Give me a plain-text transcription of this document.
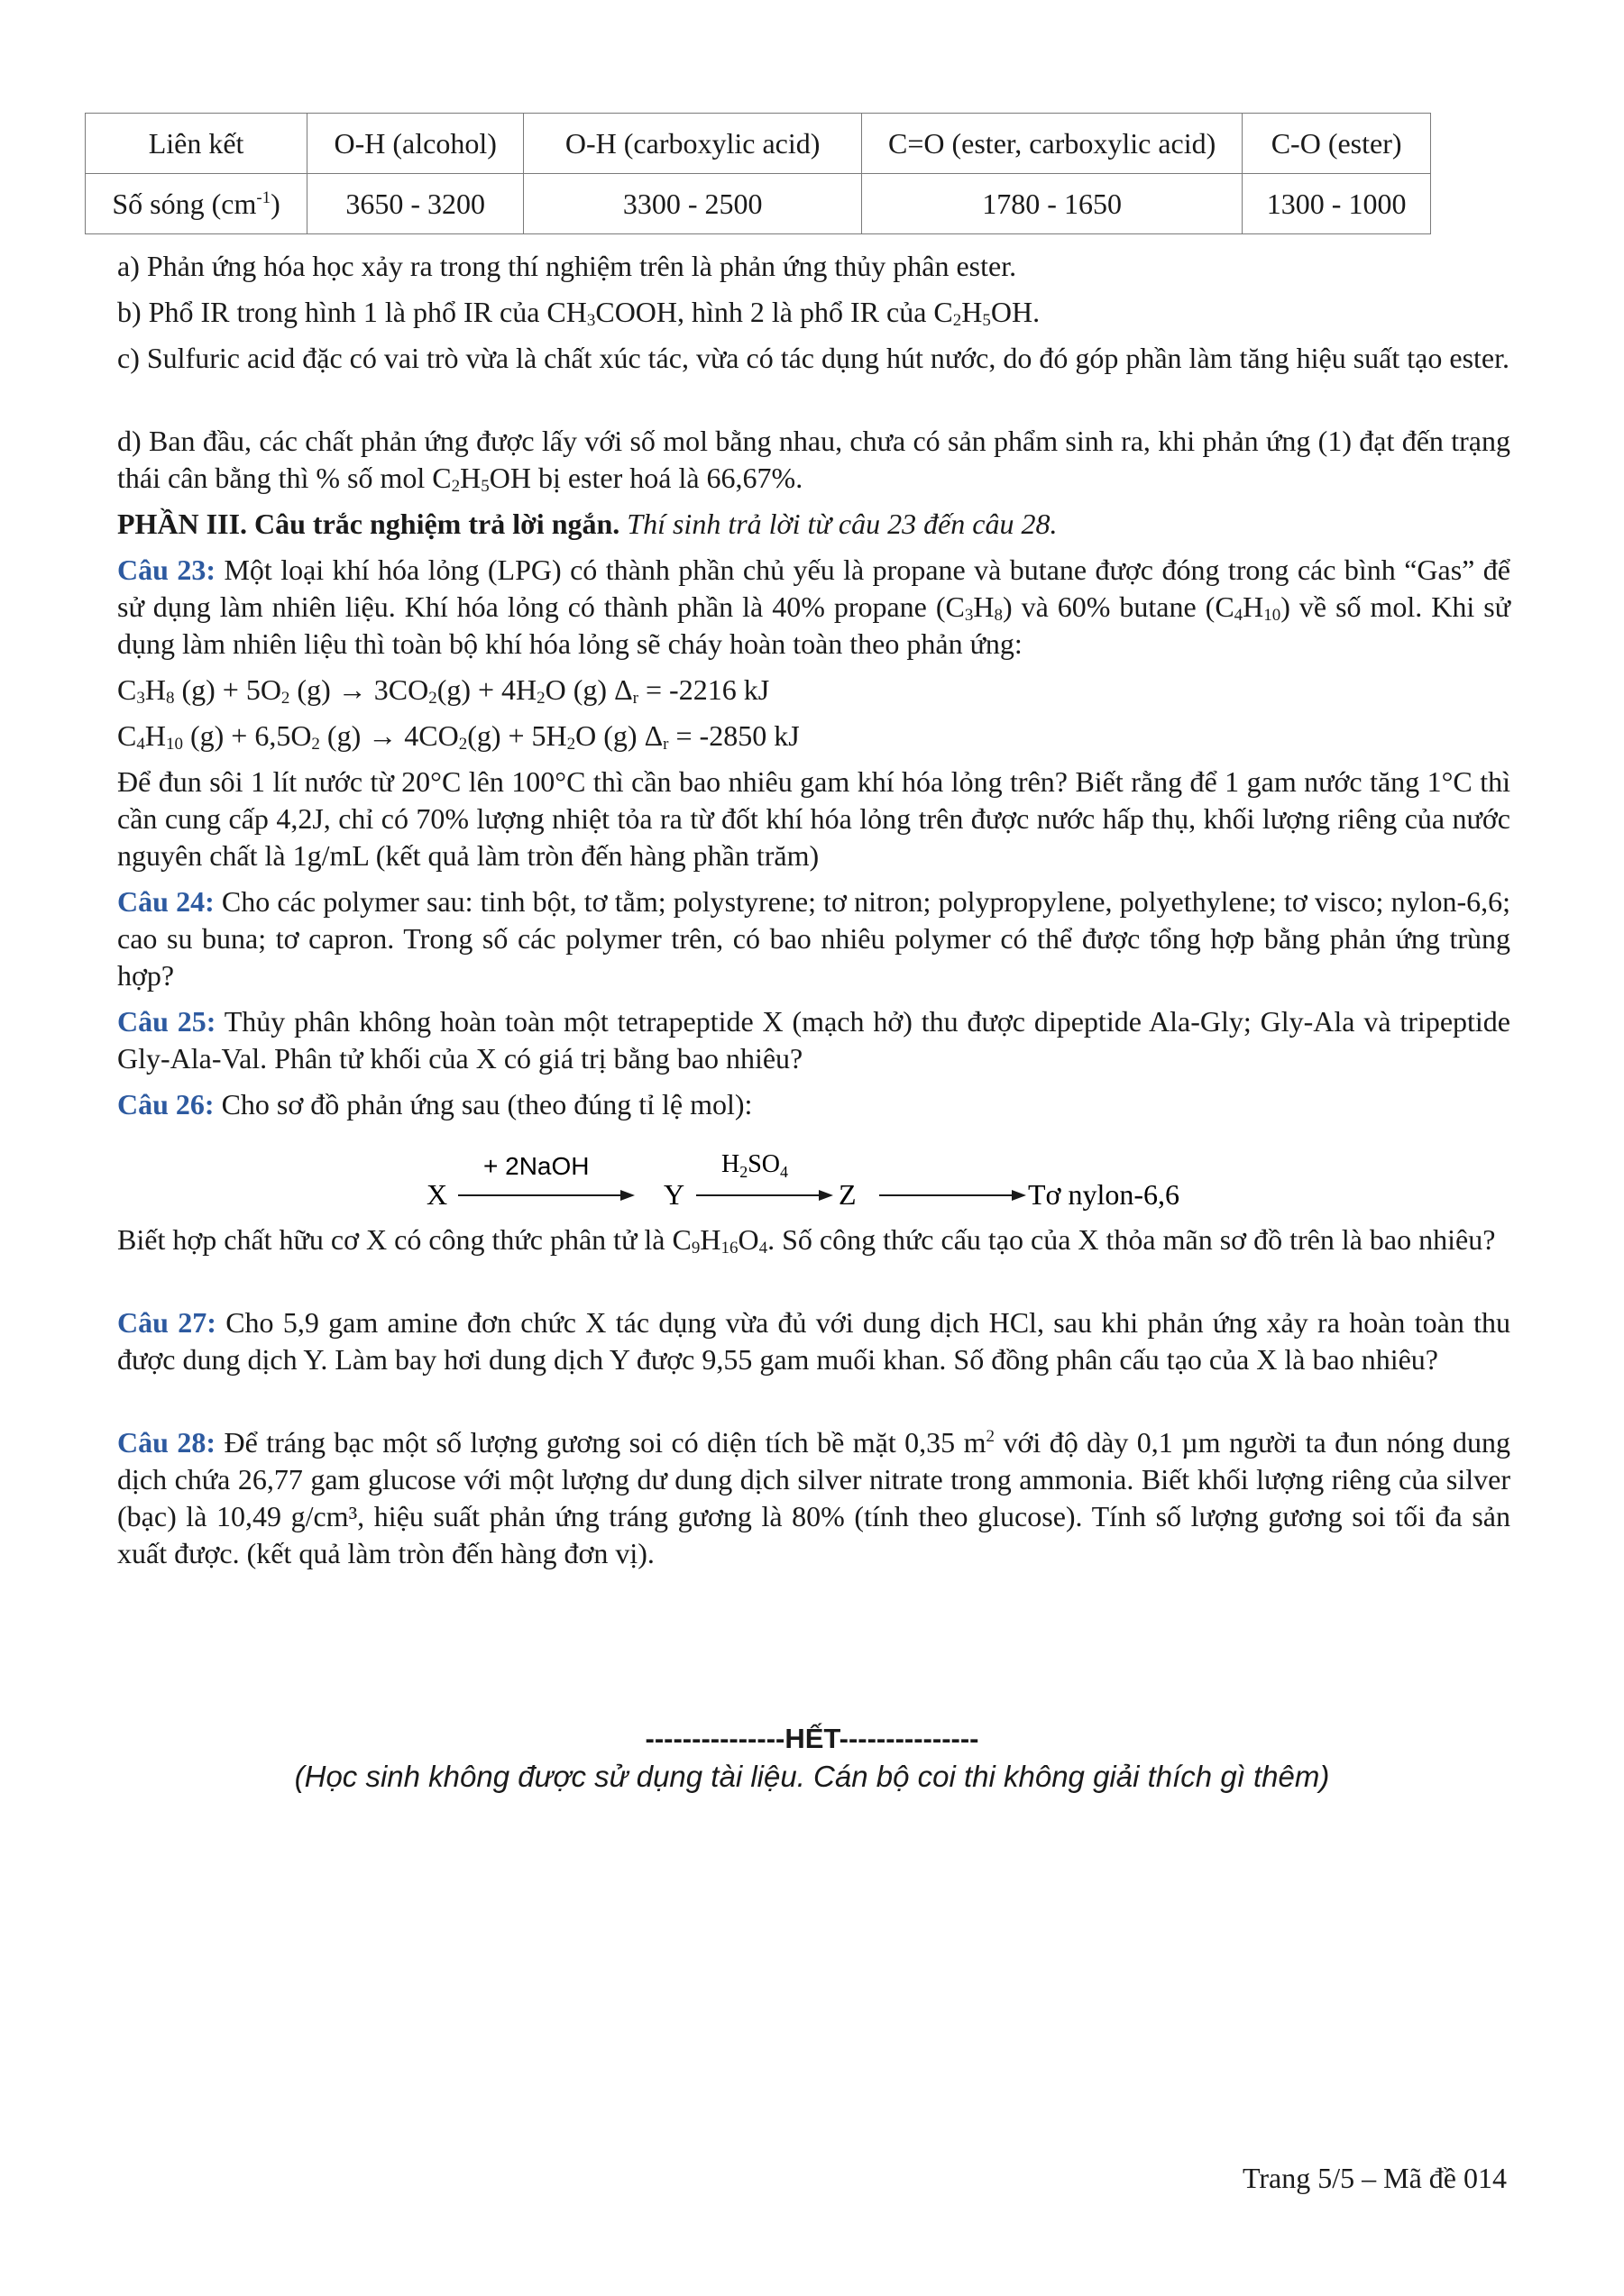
Liên kết	O-H (alcohol)	O-H (carboxylic acid)	C=O (ester, carboxylic acid)	C-O (ester)
Số sóng $(cm^{-1})$	3650 - 3200	3300 - 2500	1780 - 1650	1300 - 1000

a) Phản ứng hóa học xảy ra trong thí nghiệm trên là phản ứng thủy phân ester.

b) Phổ IR trong hình 1 là phổ IR của $CH_3COOH$, hình 2 là phổ IR của $C_2H_5OH$.

c) Sulfuric acid đặc có vai trò vừa là chất xúc tác, vừa có tác dụng hút nước, do đó góp phần làm tăng hiệu suất tạo ester.

d) Ban đầu, các chất phản ứng được lấy với số mol bằng nhau, chưa có sản phẩm sinh ra, khi phản ứng (1) đạt đến trạng thái cân bằng thì % số mol $C_2H_5OH$ bị ester hoá là 66,67%.

PHẦN III. Câu trắc nghiệm trả lời ngắn. Thí sinh trả lời từ câu 23 đến câu 28.

Câu 23: Một loại khí hóa lỏng (LPG) có thành phần chủ yếu là propane và butane được đóng trong các bình “Gas” để sử dụng làm nhiên liệu. Khí hóa lỏng có thành phần là 40% propane $(C_3H_8)$ và 60% butane $(C_4H_{10})$ về số mol. Khi sử dụng làm nhiên liệu thì toàn bộ khí hóa lỏng sẽ cháy hoàn toàn theo phản ứng:

$C_3H_8$ $(g) + 5O_2$ $(g) \to 3CO_2(g) + 4H_2O$ (g) $\Delta_r = -2216$ kJ

$C_4H_{10}$ $(g) + 6,5O_2$ $(g) \to 4CO_2(g) + 5H_2O$ (g) $\Delta_r = -2850$ kJ

Để đun sôi 1 lít nước từ 20°C lên 100°C thì cần bao nhiêu gam khí hóa lỏng trên? Biết rằng để 1 gam nước tăng 1°C thì cần cung cấp 4,2J, chỉ có 70% lượng nhiệt tỏa ra từ đốt khí hóa lỏng trên được nước hấp thụ, khối lượng riêng của nước nguyên chất là 1g/mL (kết quả làm tròn đến hàng phần trăm)

Câu 24: Cho các polymer sau: tinh bột, tơ tằm; polystyrene; tơ nitron; polypropylene, polyethylene; tơ visco; nylon-6,6; cao su buna; tơ capron. Trong số các polymer trên, có bao nhiêu polymer có thể được tổng hợp bằng phản ứng trùng hợp?

Câu 25: Thủy phân không hoàn toàn một tetrapeptide X (mạch hở) thu được dipeptide Ala-Gly; Gly-Ala và tripeptide Gly-Ala-Val. Phân tử khối của X có giá trị bằng bao nhiêu?

Câu 26: Cho sơ đồ phản ứng sau (theo đúng tỉ lệ mol):

X
+ 2NaOH
Y
$H_2SO_4$
Z	Tơ nylon-6,6

Biết hợp chất hữu cơ X có công thức phân tử là $C_9H_{16}O_4$. Số công thức cấu tạo của X thỏa mãn sơ đồ trên là bao nhiêu?

Câu 27: Cho 5,9 gam amine đơn chức X tác dụng vừa đủ với dung dịch HCl, sau khi phản ứng xảy ra hoàn toàn thu được dung dịch Y. Làm bay hơi dung dịch Y được 9,55 gam muối khan. Số đồng phân cấu tạo của X là bao nhiêu?

Câu 28: Để tráng bạc một số lượng gương soi có diện tích bề mặt 0,35 $m^2$ với độ dày 0,1 µm người ta đun nóng dung dịch chứa 26,77 gam glucose với một lượng dư dung dịch silver nitrate trong ammonia. Biết khối lượng riêng của silver (bạc) là 10,49 g/cm³, hiệu suất phản ứng tráng gương là 80% (tính theo glucose). Tính số lượng gương soi tối đa sản xuất được. (kết quả làm tròn đến hàng đơn vị).

---------------HẾT---------------
(Học sinh không được sử dụng tài liệu. Cán bộ coi thi không giải thích gì thêm)
Trang 5/5 – Mã đề 014
